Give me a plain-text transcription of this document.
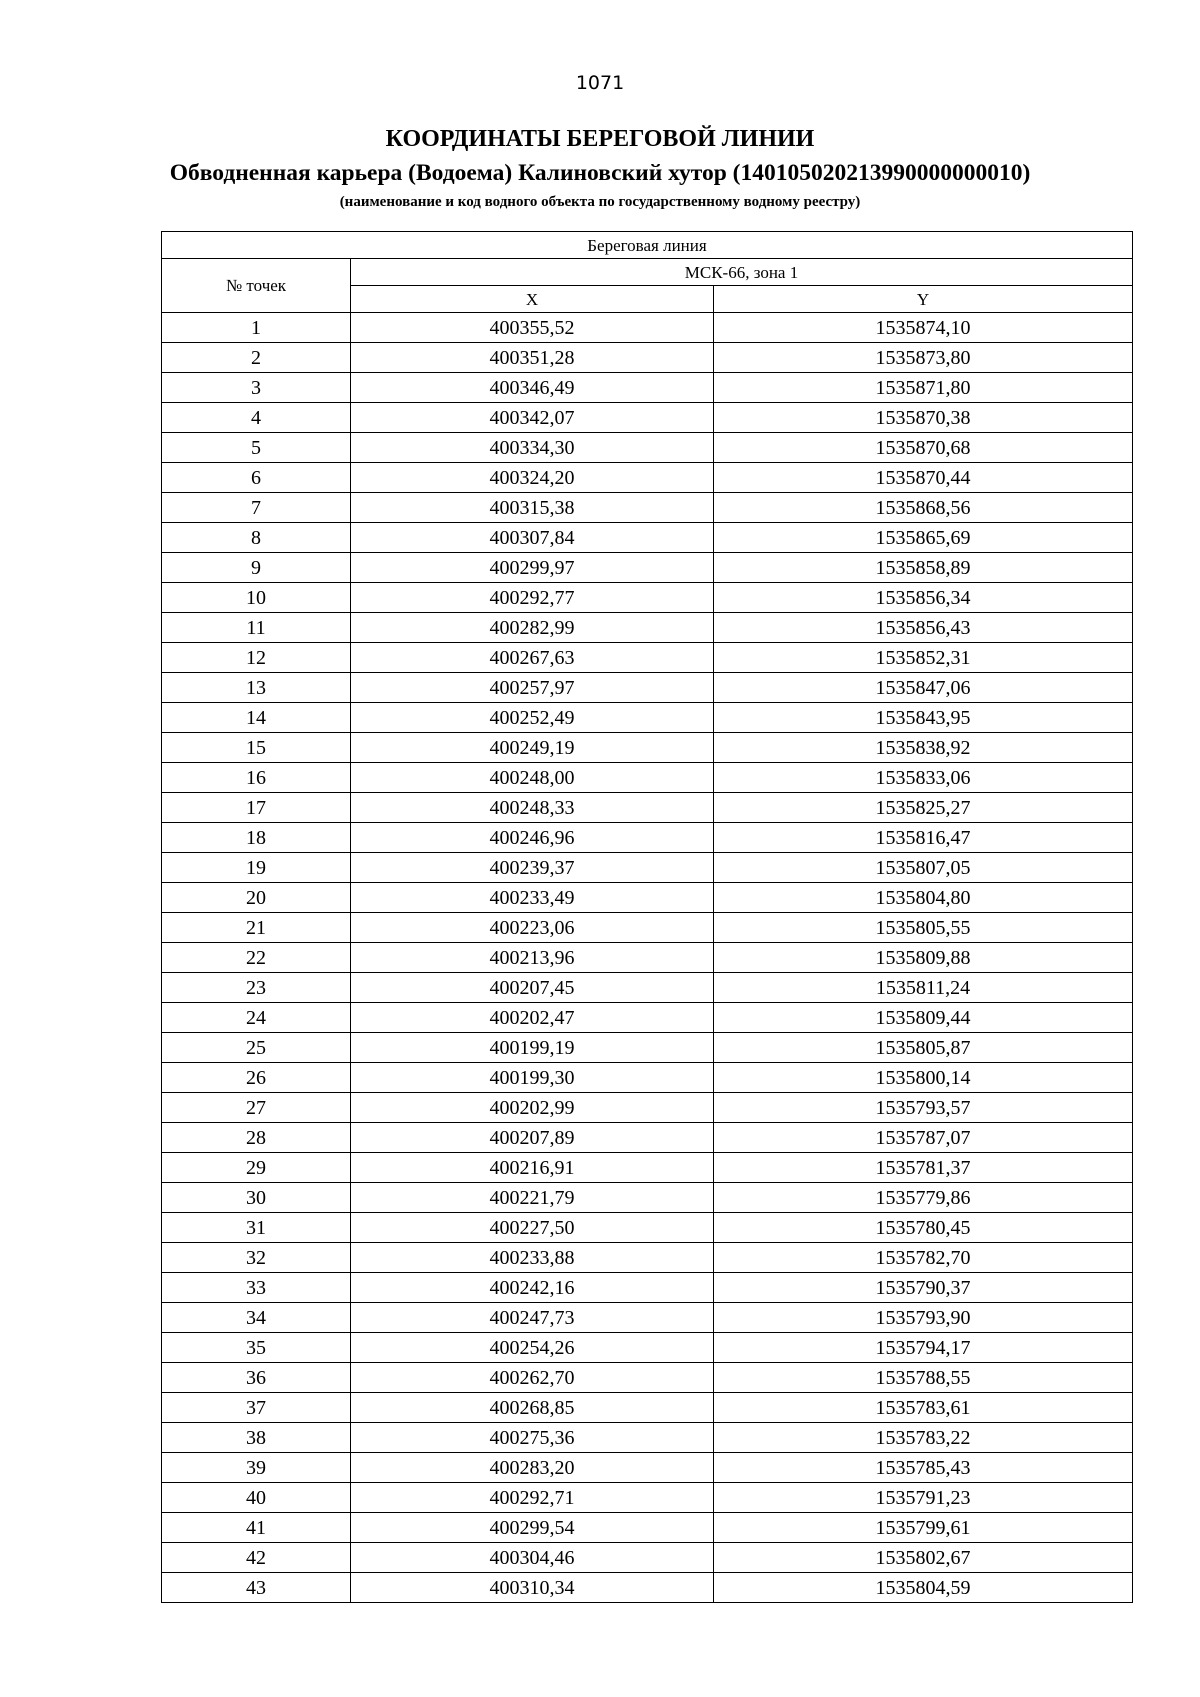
1071
КООРДИНАТЫ БЕРЕГОВОЙ ЛИНИИ
Обводненная карьера (Водоема) Калиновский хутор (140105020213990000000010)
(наименование и код водного объекта по государственному водному реестру)
Береговая линия		
№ точек	МСК-66, зона 1	
	X	Y
1	400355,52	1535874,10
2	400351,28	1535873,80
3	400346,49	1535871,80
4	400342,07	1535870,38
5	400334,30	1535870,68
6	400324,20	1535870,44
7	400315,38	1535868,56
8	400307,84	1535865,69
9	400299,97	1535858,89
10	400292,77	1535856,34
11	400282,99	1535856,43
12	400267,63	1535852,31
13	400257,97	1535847,06
14	400252,49	1535843,95
15	400249,19	1535838,92
16	400248,00	1535833,06
17	400248,33	1535825,27
18	400246,96	1535816,47
19	400239,37	1535807,05
20	400233,49	1535804,80
21	400223,06	1535805,55
22	400213,96	1535809,88
23	400207,45	1535811,24
24	400202,47	1535809,44
25	400199,19	1535805,87
26	400199,30	1535800,14
27	400202,99	1535793,57
28	400207,89	1535787,07
29	400216,91	1535781,37
30	400221,79	1535779,86
31	400227,50	1535780,45
32	400233,88	1535782,70
33	400242,16	1535790,37
34	400247,73	1535793,90
35	400254,26	1535794,17
36	400262,70	1535788,55
37	400268,85	1535783,61
38	400275,36	1535783,22
39	400283,20	1535785,43
40	400292,71	1535791,23
41	400299,54	1535799,61
42	400304,46	1535802,67
43	400310,34	1535804,59
